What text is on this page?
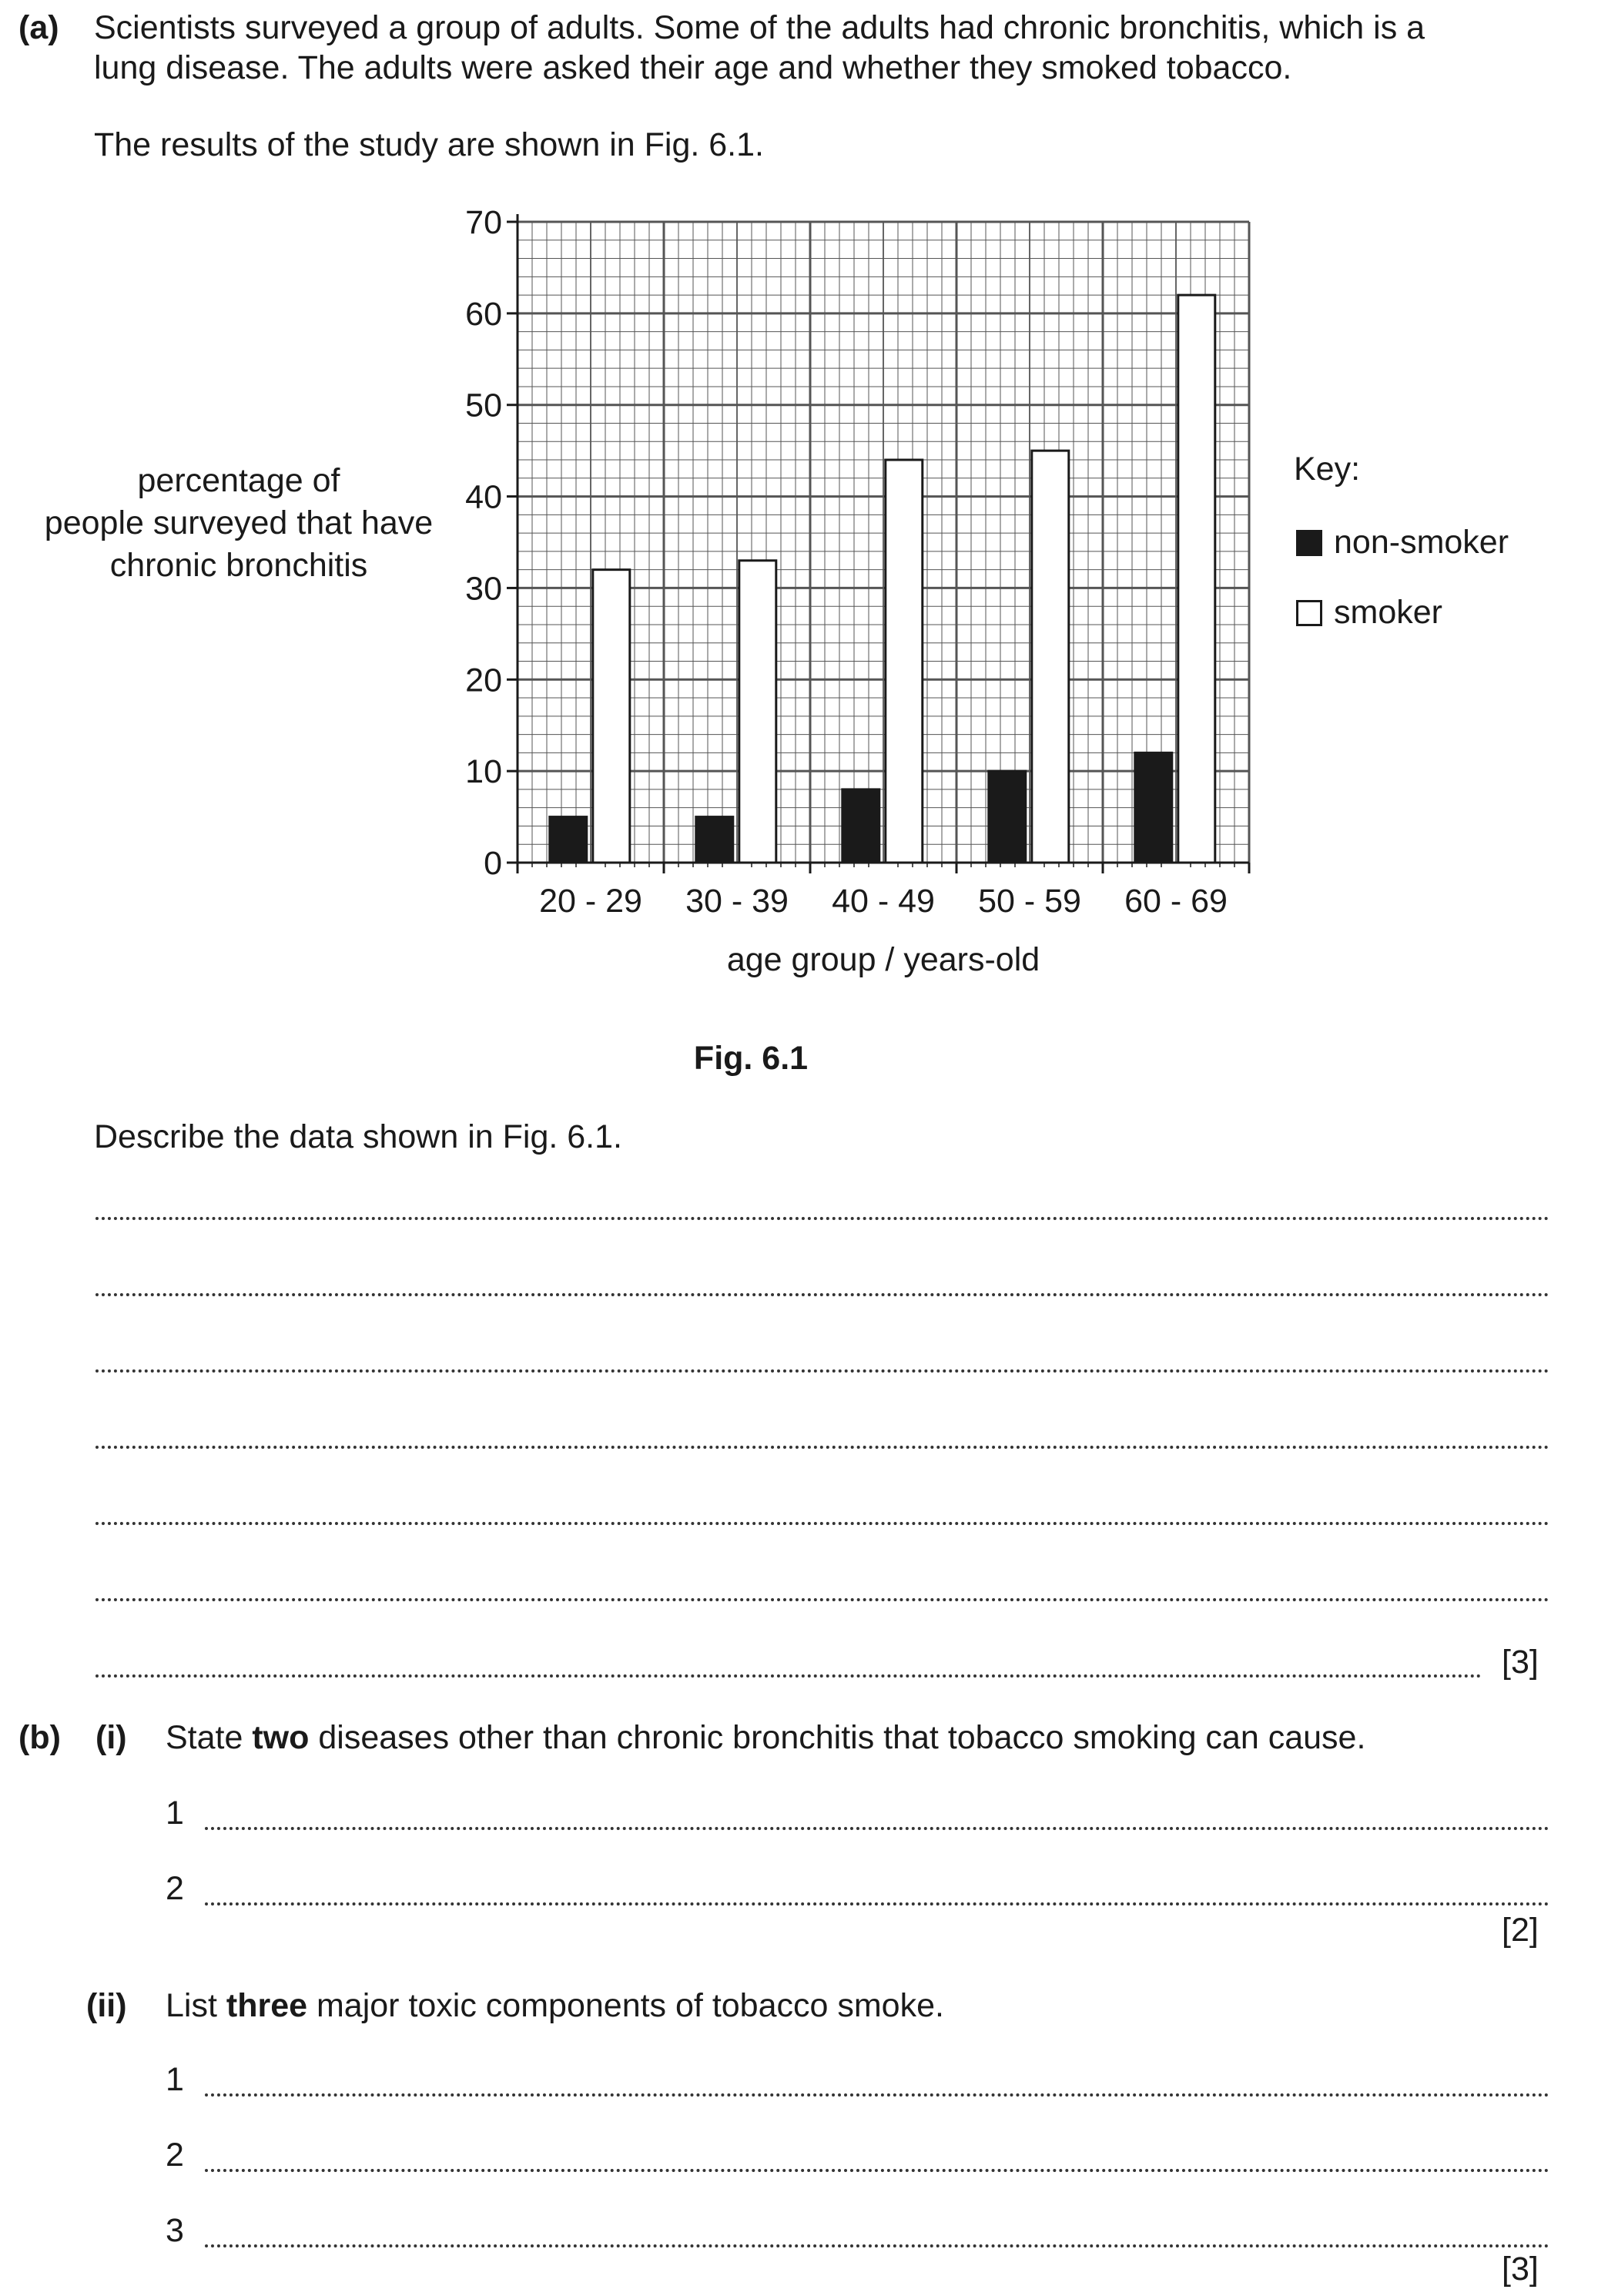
(a) Scientists surveyed a group of adults. Some of the adults had chronic bronchitis, which is a
lung disease. The adults were asked their age and whether they smoked tobacco.
The results of the study are shown in Fig. 6.1.
percentage of
people surveyed that have
chronic bronchitis
0
10
20
30
40
50
60
70
20 - 29 30 - 39 40 - 49 50 - 59 60 - 69
age group / years-old
Key:
non-smoker
smoker
Fig. 6.1
Describe the data shown in Fig. 6.1.
[3]
(b) (i) State two diseases other than chronic bronchitis that tobacco smoking can cause.
1
2
[2]
(ii) List three major toxic components of tobacco smoke.
1
2
3
[3]
